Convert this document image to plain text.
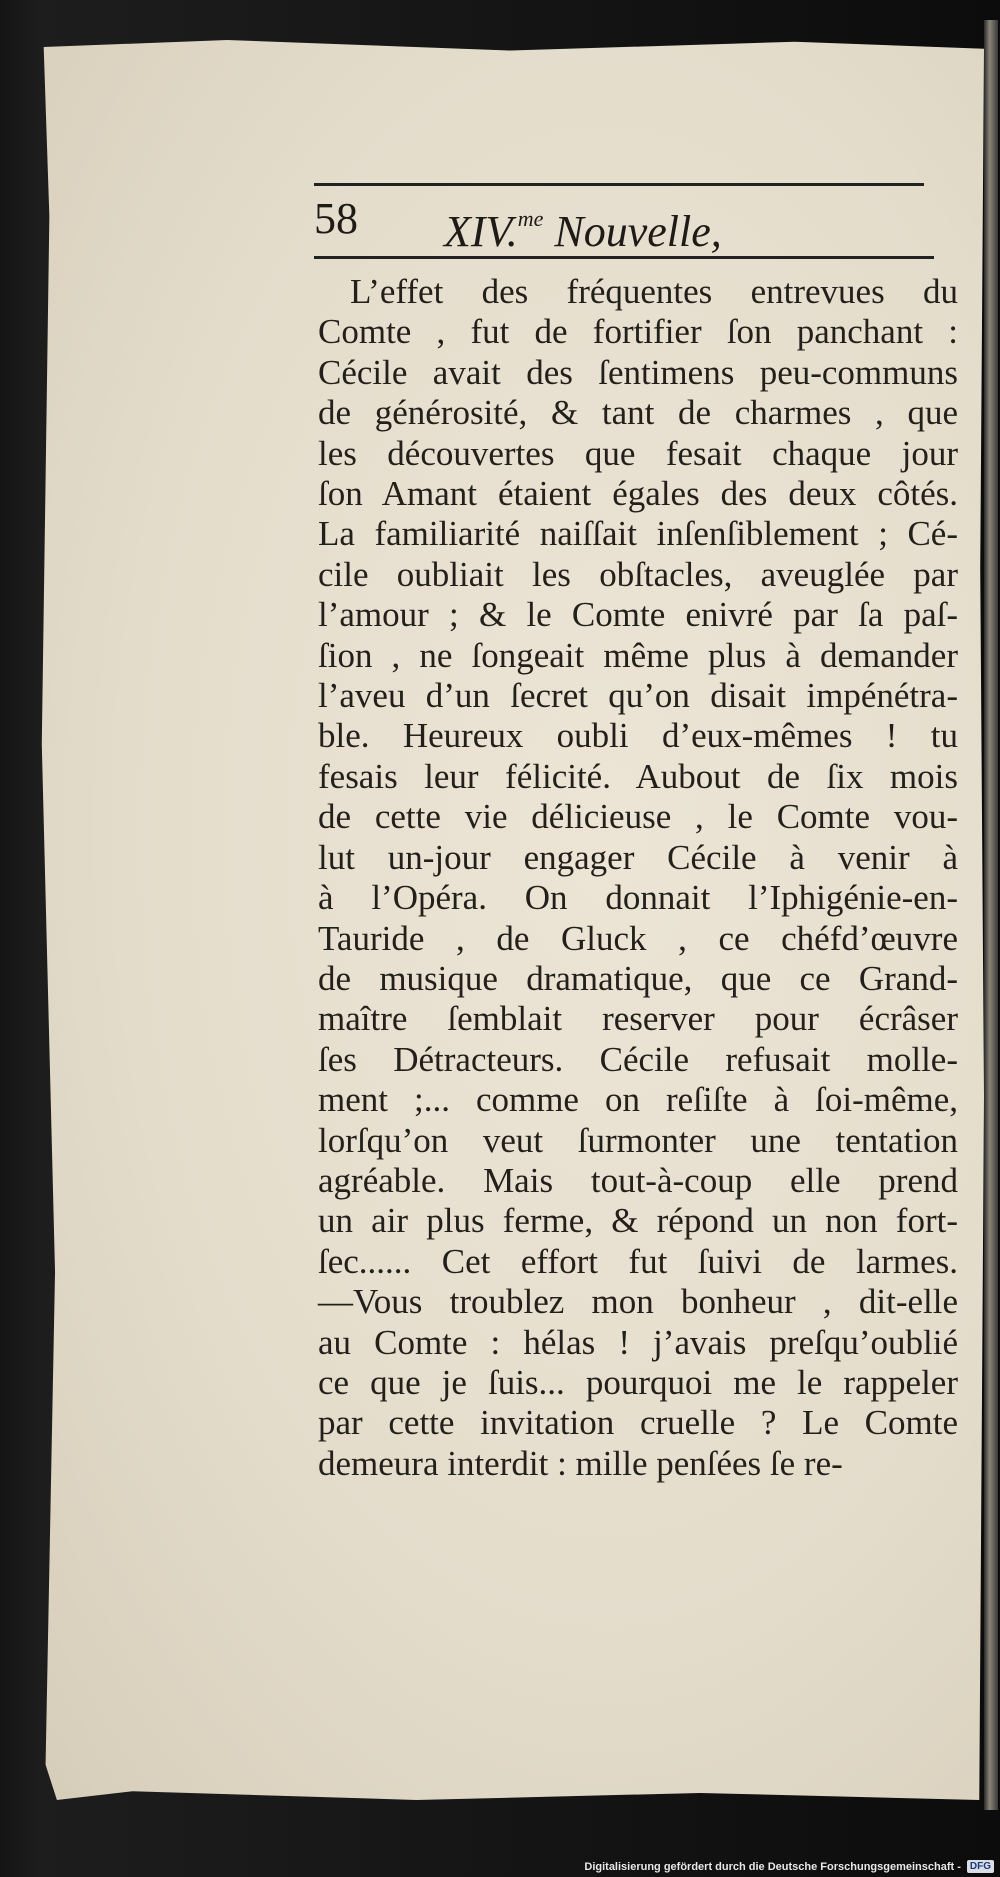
58 XIV.$^{me}$ Nouvelle,
L’effet des fréquentes entrevues du
Comte , fut de fortifier ſon panchant :
Cécile avait des ſentimens peu-communs
de générosité, & tant de charmes , que
les découvertes que fesait chaque jour
ſon Amant étaient égales des deux côtés.
La familiarité naiſſait inſenſiblement ; Cé-
cile oubliait les obſtacles, aveuglée par
l’amour ; & le Comte enivré par ſa paſ-
ſion , ne ſongeait même plus à demander
l’aveu d’un ſecret qu’on disait impénétra-
ble. Heureux oubli d’eux-mêmes ! tu
fesais leur félicité. Aubout de ſix mois
de cette vie délicieuse , le Comte vou-
lut un-jour engager Cécile à venir à
à l’Opéra. On donnait l’Iphigénie-en-
Tauride , de Gluck , ce chéfd’œuvre
de musique dramatique, que ce Grand-
maître ſemblait reserver pour écrâser
ſes Détracteurs. Cécile refusait molle-
ment ;... comme on reſiſte à ſoi-même,
lorſqu’on veut ſurmonter une tentation
agréable. Mais tout-à-coup elle prend
un air plus ferme, & répond un non fort-
ſec...... Cet effort fut ſuivi de larmes.
—Vous troublez mon bonheur , dit-elle
au Comte : hélas ! j’avais preſqu’oublié
ce que je ſuis... pourquoi me le rappeler
par cette invitation cruelle ? Le Comte
demeura interdit : mille penſées ſe re-
Digitalisierung gefördert durch die Deutsche Forschungsgemeinschaft - DFG
